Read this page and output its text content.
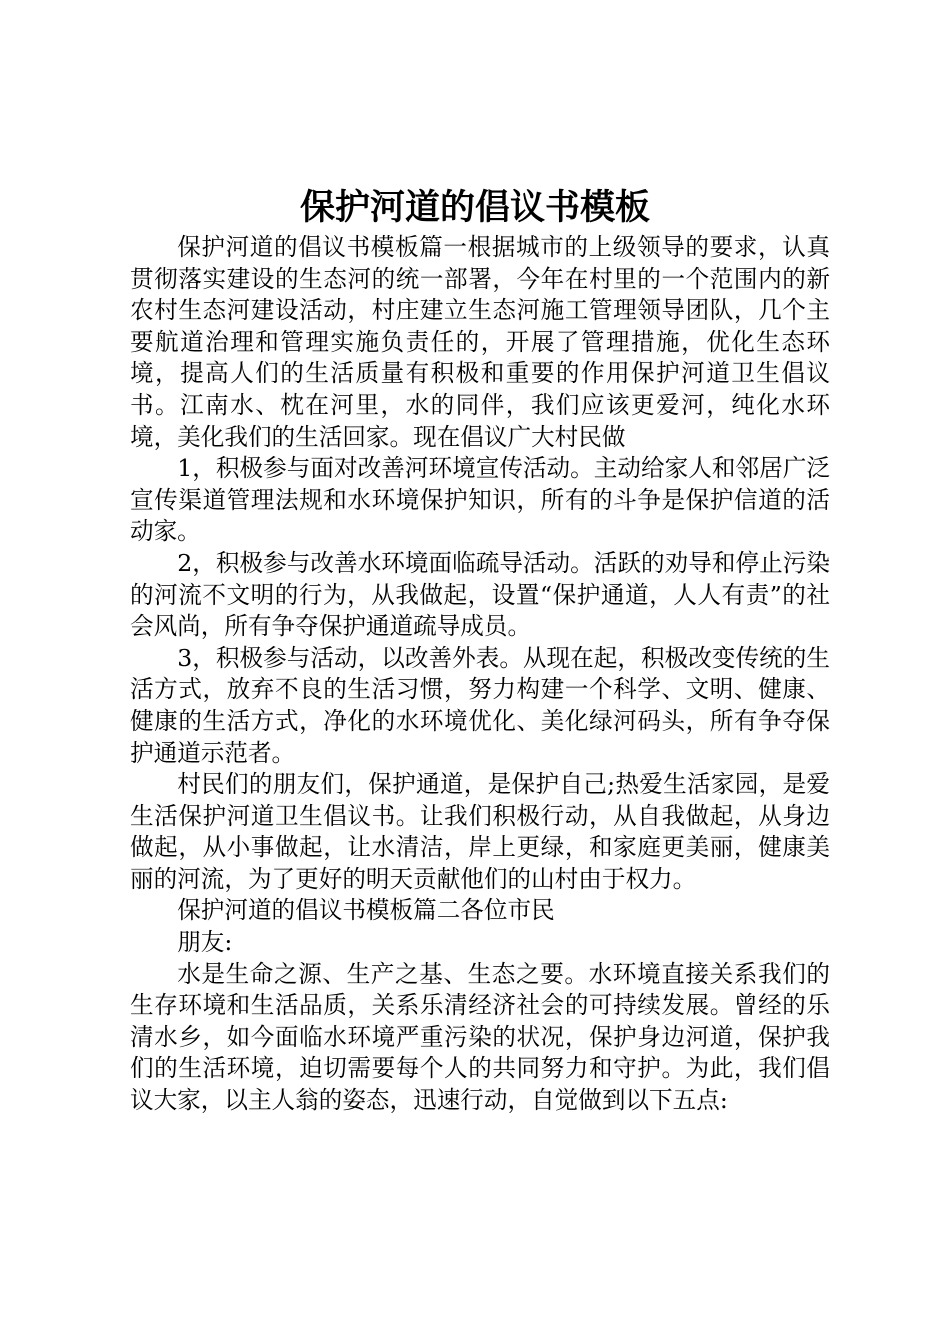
保护河道的倡议书模板

保护河道的倡议书模板篇一根据城市的上级领导的要求，认真贯彻落实建设的生态河的统一部署，今年在村里的一个范围内的新农村生态河建设活动，村庄建立生态河施工管理领导团队，几个主要航道治理和管理实施负责任的，开展了管理措施，优化生态环境，提高人们的生活质量有积极和重要的作用保护河道卫生倡议书。江南水、枕在河里，水的同伴，我们应该更爱河，纯化水环境，美化我们的生活回家。现在倡议广大村民做

1，积极参与面对改善河环境宣传活动。主动给家人和邻居广泛宣传渠道管理法规和水环境保护知识，所有的斗争是保护信道的活动家。

2，积极参与改善水环境面临疏导活动。活跃的劝导和停止污染的河流不文明的行为，从我做起，设置“保护通道，人人有责”的社会风尚，所有争夺保护通道疏导成员。

3，积极参与活动，以改善外表。从现在起，积极改变传统的生活方式，放弃不良的生活习惯，努力构建一个科学、文明、健康、健康的生活方式，净化的水环境优化、美化绿河码头，所有争夺保护通道示范者。

村民们的朋友们，保护通道，是保护自己;热爱生活家园，是爱生活保护河道卫生倡议书。让我们积极行动，从自我做起，从身边做起，从小事做起，让水清洁，岸上更绿，和家庭更美丽，健康美丽的河流，为了更好的明天贡献他们的山村由于权力。

保护河道的倡议书模板篇二各位市民

朋友:

水是生命之源、生产之基、生态之要。水环境直接关系我们的生存环境和生活品质，关系乐清经济社会的可持续发展。曾经的乐清水乡，如今面临水环境严重污染的状况，保护身边河道，保护我们的生活环境，迫切需要每个人的共同努力和守护。为此，我们倡议大家，以主人翁的姿态，迅速行动，自觉做到以下五点:
